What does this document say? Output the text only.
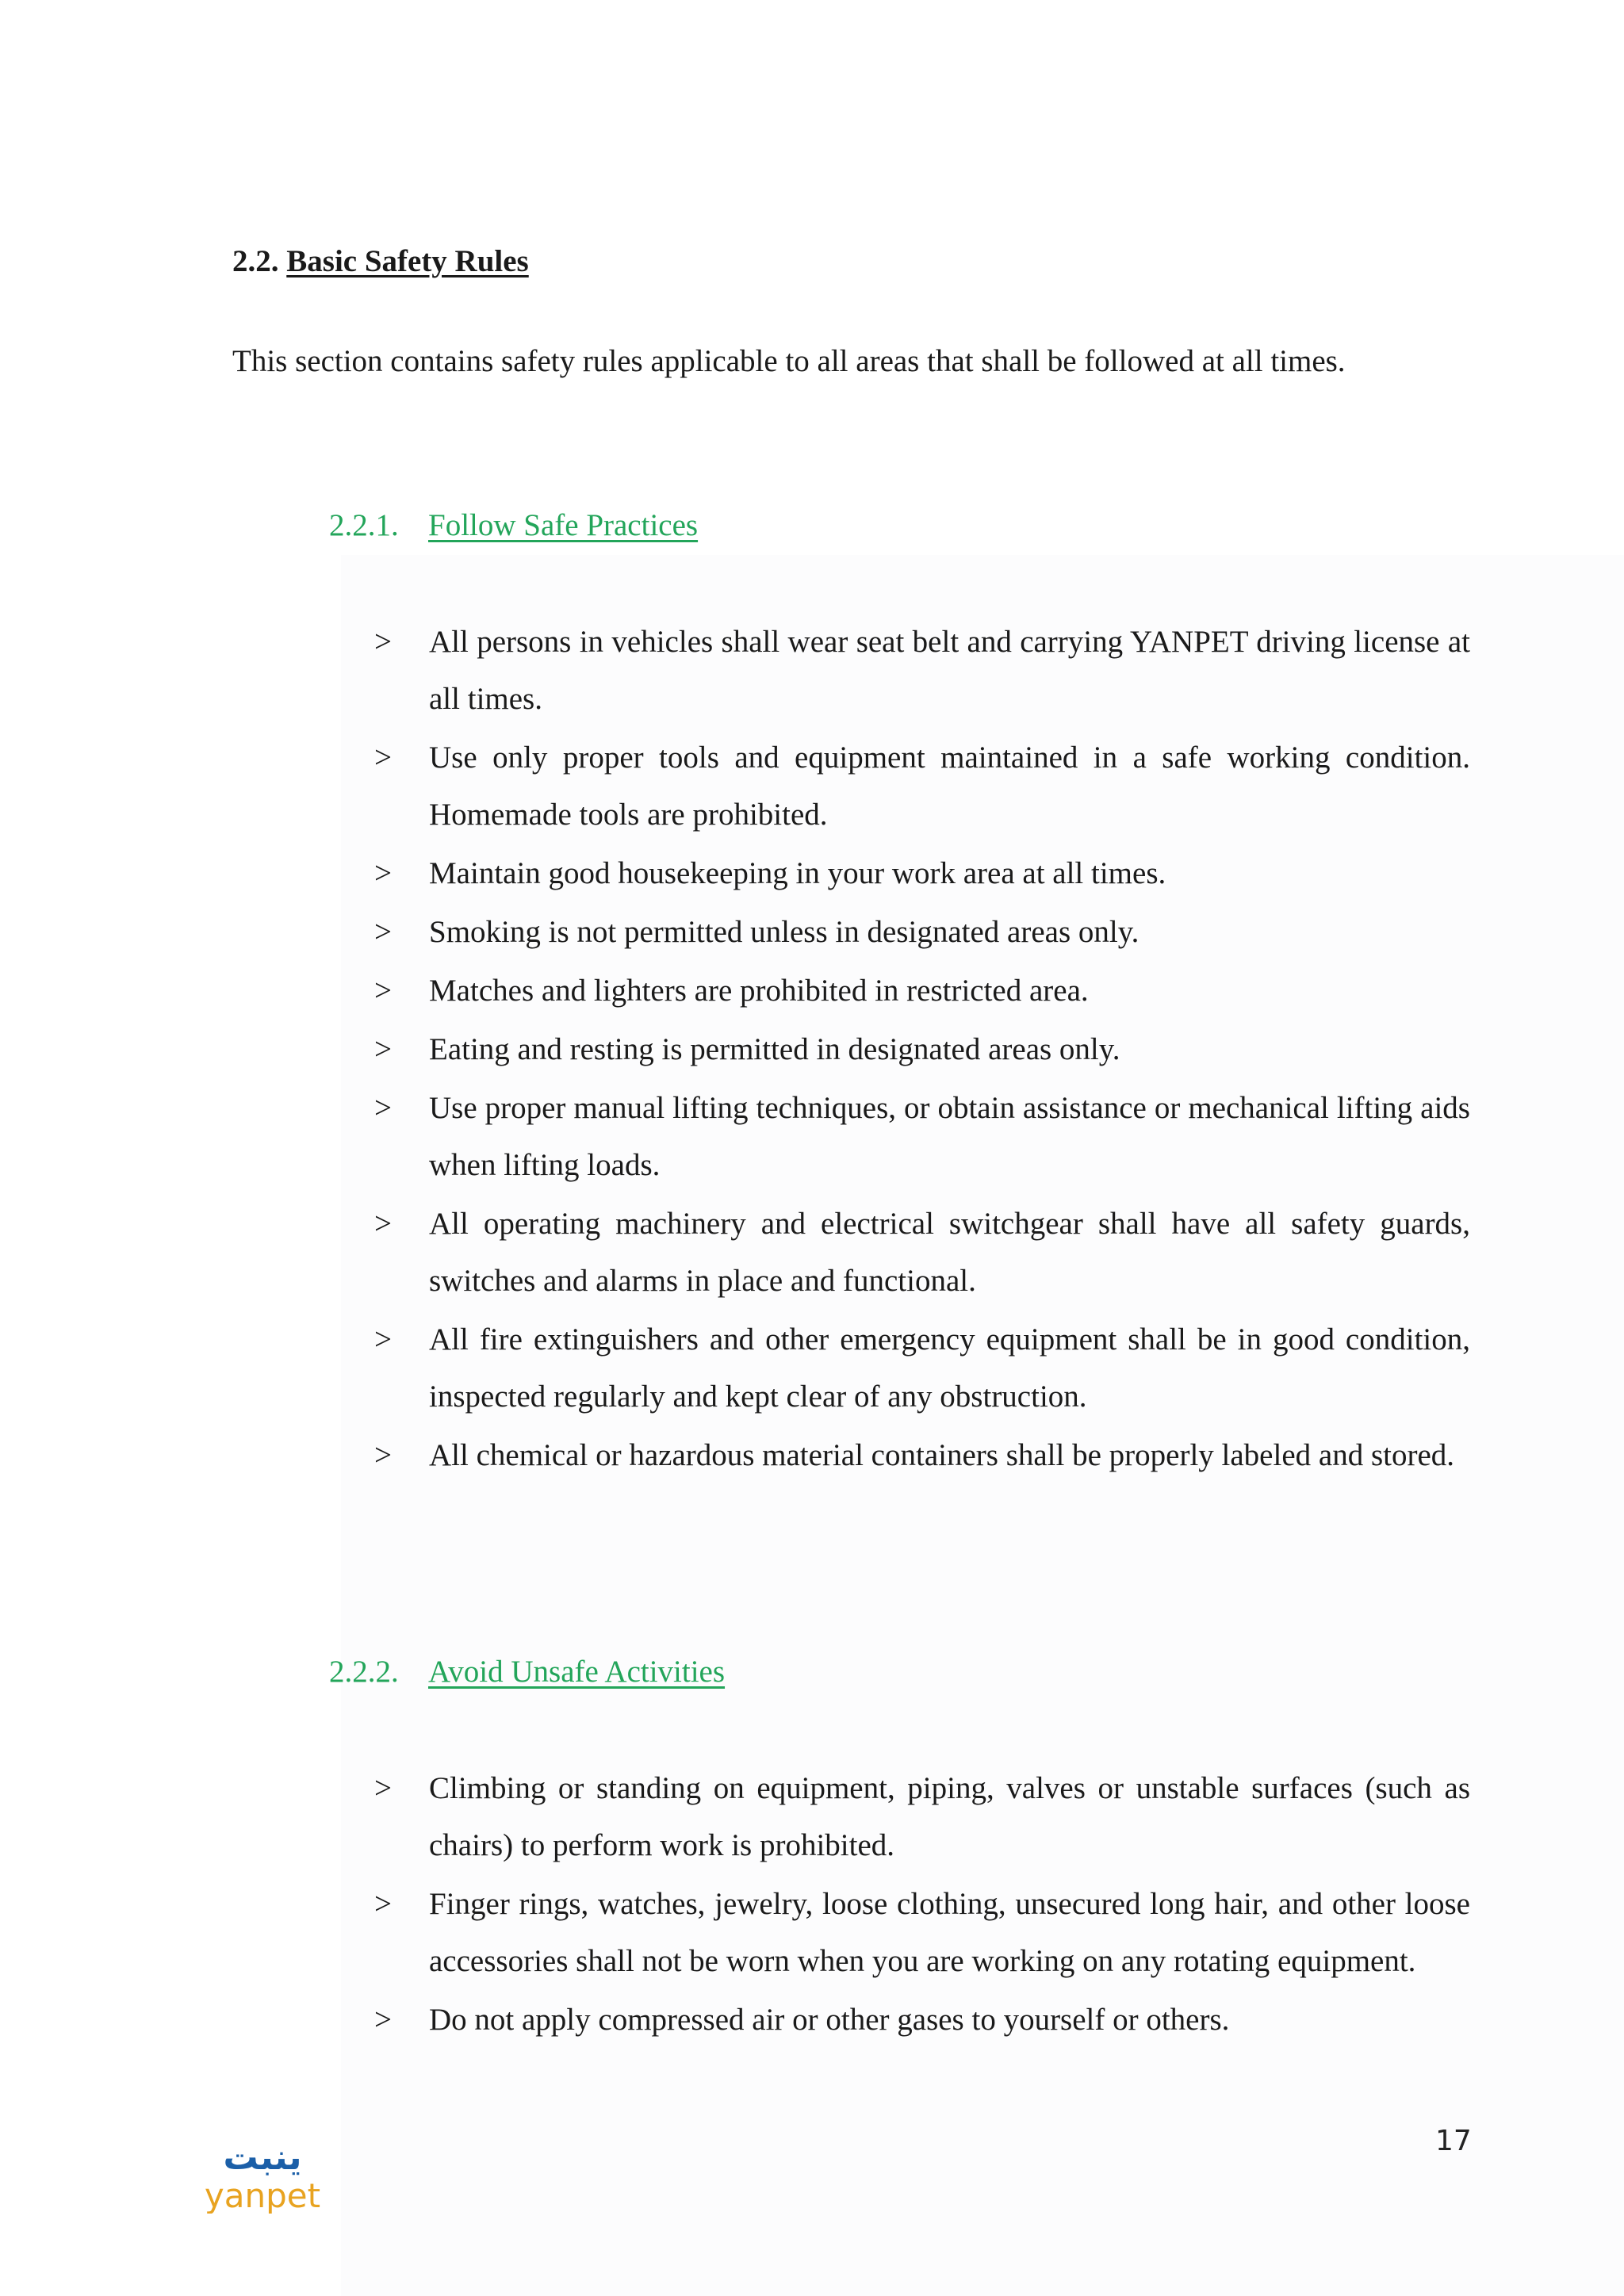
2.2. Basic Safety Rules

This section contains safety rules applicable to all areas that shall be followed at all times.

2.2.1. Follow Safe Practices
>	All persons in vehicles shall wear seat belt and carrying YANPET driving license at all times.
>	Use only proper tools and equipment maintained in a safe working condition. Homemade tools are prohibited.
>	Maintain good housekeeping in your work area at all times.
>	Smoking is not permitted unless in designated areas only.
>	Matches and lighters are prohibited in restricted area.
>	Eating and resting is permitted in designated areas only.
>	Use proper manual lifting techniques, or obtain assistance or mechanical lifting aids when lifting loads.
>	All operating machinery and electrical switchgear shall have all safety guards, switches and alarms in place and functional.
>	All fire extinguishers and other emergency equipment shall be in good condition, inspected regularly and kept clear of any obstruction.
>	All chemical or hazardous material containers shall be properly labeled and stored.
2.2.2. Avoid Unsafe Activities
>	Climbing or standing on equipment, piping, valves or unstable surfaces (such as chairs) to perform work is prohibited.
>	Finger rings, watches, jewelry, loose clothing, unsecured long hair, and other loose accessories shall not be worn when you are working on any rotating equipment.
>	Do not apply compressed air or other gases to yourself or others.
17
ينبت
yanpet
